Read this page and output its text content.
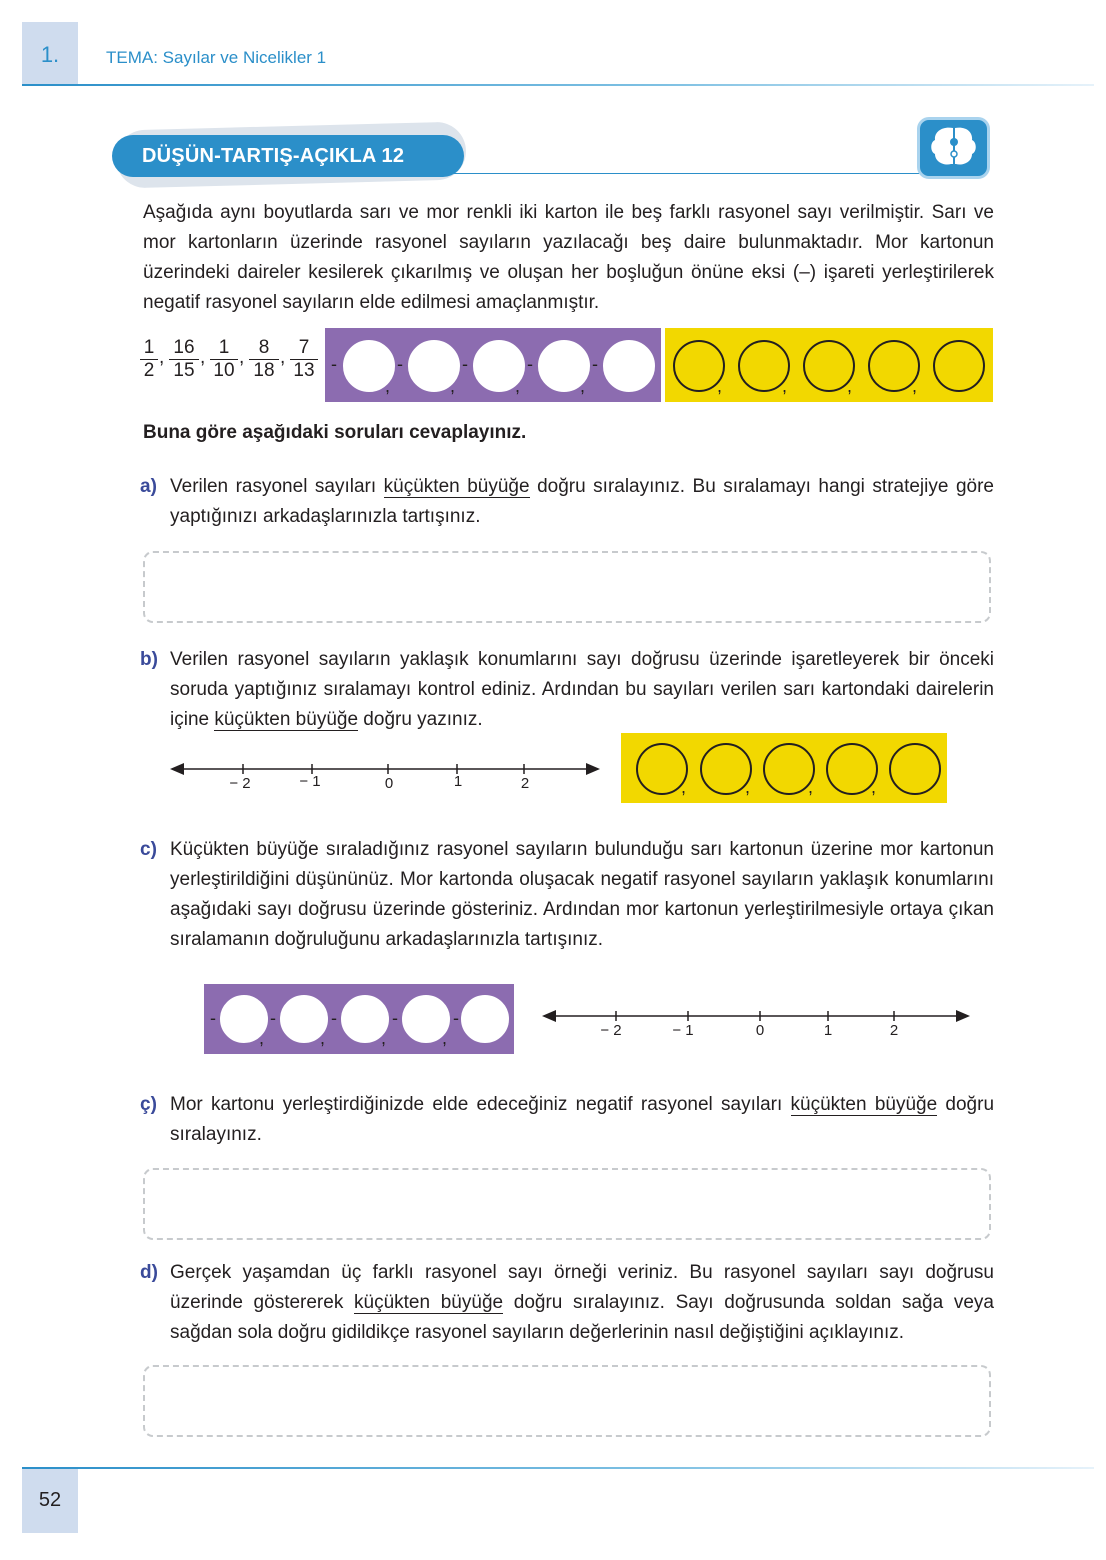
1.	TEMA: Sayılar ve Nicelikler 1
DÜŞÜN-TARTIŞ-AÇIKLA 12
Aşağıda aynı boyutlarda sarı ve mor renkli iki karton ile beş farklı rasyonel sayı verilmiştir. Sarı ve mor kartonların üzerinde rasyonel sayıların yazılacağı beş daire bulunmaktadır. Mor kartonun üzerindeki daireler kesilerek çıkarılmış ve oluşan her boşluğun önüne eksi (–) işareti yerleştirilerek negatif rasyonel sayıların elde edilmesi amaçlanmıştır.
$\frac{1}{2}$ , $\frac{16}{15}$ , $\frac{1}{10}$ , $\frac{8}{18}$ , $\frac{7}{13}$ -
,
-
,
-
,
-
,
-
,	,	,	,
Buna göre aşağıdaki soruları cevaplayınız.
a) Verilen rasyonel sayıları küçükten büyüğe doğru sıralayınız. Bu sıralamayı hangi stratejiye göre yaptığınızı arkadaşlarınızla tartışınız.
b) Verilen rasyonel sayıların yaklaşık konumlarını sayı doğrusu üzerinde işaretleyerek bir önceki soruda yaptığınız sıralamayı kontrol ediniz. Ardından bu sayıları verilen sarı kartondaki dairelerin içine küçükten büyüğe doğru yazınız.
− 2	− 1	0	1	2	,	,	,	,
c) Küçükten büyüğe sıraladığınız rasyonel sayıların bulunduğu sarı kartonun üzerine mor kartonun yerleştirildiğini düşününüz. Mor kartonda oluşacak negatif rasyonel sayıların yaklaşık konumlarını aşağıdaki sayı doğrusu üzerinde gösteriniz. Ardından mor kartonun yerleştirilmesiyle ortaya çıkan sıralamanın doğruluğunu arkadaşlarınızla tartışınız.
-
,
-
,
-
,
-
,
-
− 2	− 1	0	1	2
ç) Mor kartonu yerleştirdiğinizde elde edeceğiniz negatif rasyonel sayıları küçükten büyüğe doğru sıralayınız.
d) Gerçek yaşamdan üç farklı rasyonel sayı örneği veriniz. Bu rasyonel sayıları sayı doğrusu üzerinde göstererek küçükten büyüğe doğru sıralayınız. Sayı doğrusunda soldan sağa veya sağdan sola doğru gidildikçe rasyonel sayıların değerlerinin nasıl değiştiğini açıklayınız.
52
